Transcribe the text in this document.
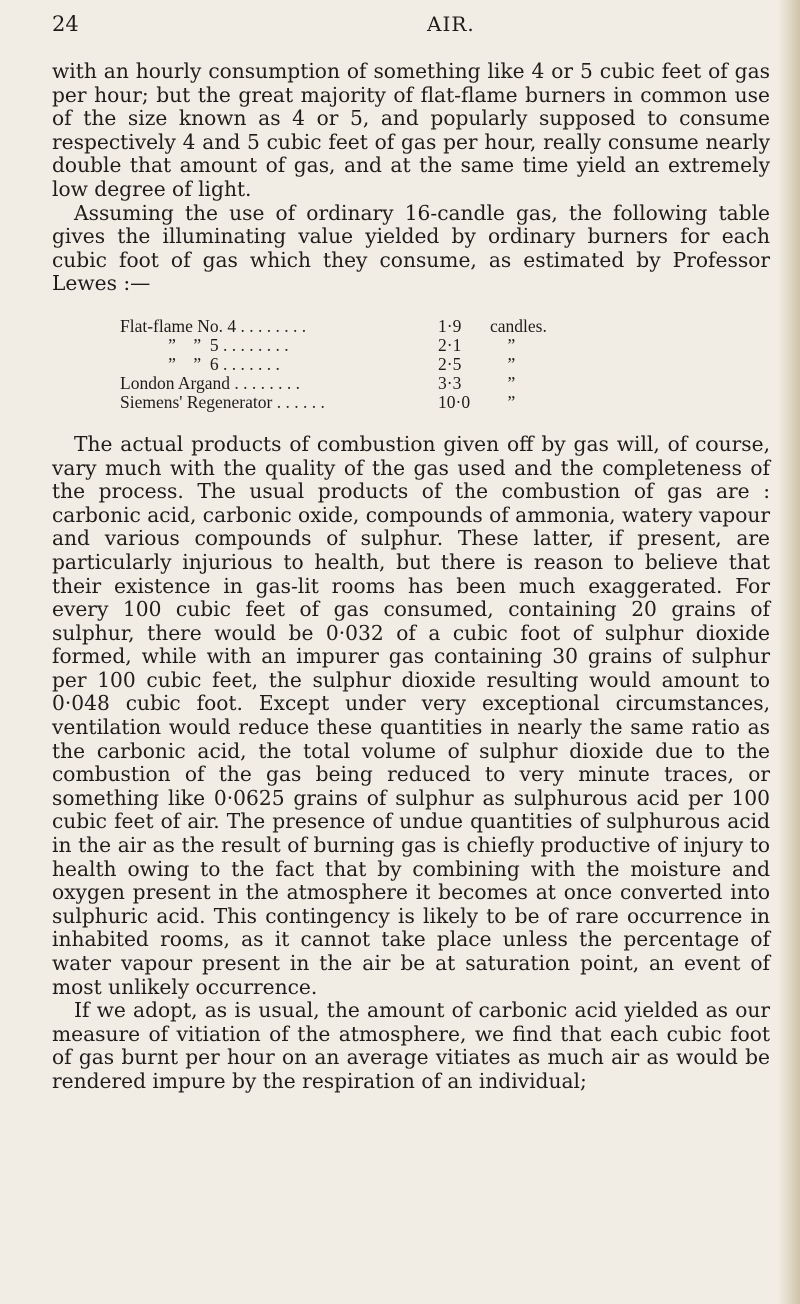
24	AIR.

with an hourly consumption of something like 4 or 5 cubic feet of gas per hour; but the great majority of flat-flame burners in common use of the size known as 4 or 5, and popularly supposed to consume respectively 4 and 5 cubic feet of gas per hour, really consume nearly double that amount of gas, and at the same time yield an extremely low degree of light.

Assuming the use of ordinary 16-candle gas, the following table gives the illuminating value yielded by ordinary burners for each cubic foot of gas which they consume, as estimated by Professor Lewes :—

Flat-flame No. 4 . . . . . . . .	1·9	candles.
”    ”  5 . . . . . . . .	2·1	”
”    ”  6 . . . . . . .	2·5	”
London Argand . . . . . . . .	3·3	”
Siemens' Regenerator . . . . . .	10·0	”

The actual products of combustion given off by gas will, of course, vary much with the quality of the gas used and the completeness of the process. The usual products of the combustion of gas are : carbonic acid, carbonic oxide, compounds of ammonia, watery vapour and various compounds of sulphur. These latter, if present, are particularly injurious to health, but there is reason to believe that their existence in gas-lit rooms has been much exaggerated. For every 100 cubic feet of gas consumed, containing 20 grains of sulphur, there would be 0·032 of a cubic foot of sulphur dioxide formed, while with an impurer gas containing 30 grains of sulphur per 100 cubic feet, the sulphur dioxide resulting would amount to 0·048 cubic foot. Except under very exceptional circumstances, ventilation would reduce these quantities in nearly the same ratio as the carbonic acid, the total volume of sulphur dioxide due to the combustion of the gas being reduced to very minute traces, or something like 0·0625 grains of sulphur as sulphurous acid per 100 cubic feet of air. The presence of undue quantities of sulphurous acid in the air as the result of burning gas is chiefly productive of injury to health owing to the fact that by combining with the moisture and oxygen present in the atmosphere it becomes at once converted into sulphuric acid. This contingency is likely to be of rare occurrence in inhabited rooms, as it cannot take place unless the percentage of water vapour present in the air be at saturation point, an event of most unlikely occurrence.

If we adopt, as is usual, the amount of carbonic acid yielded as our measure of vitiation of the atmosphere, we find that each cubic foot of gas burnt per hour on an average vitiates as much air as would be rendered impure by the respiration of an individual;
